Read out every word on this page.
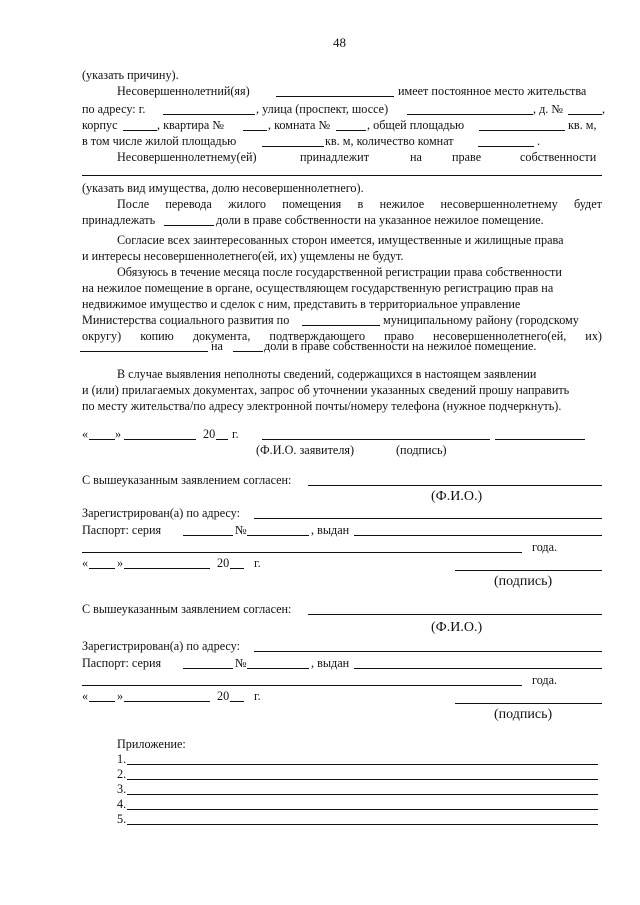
48
(указать причину).
Несовершеннолетний(яя)	имеет постоянное место жительства
по адресу: г.	, улица (проспект, шоссе)	, д. №	,
корпус	, квартира №	, комната №	, общей площадью	кв. м,
в том числе жилой площадью	кв. м, количество комнат	.
Несовершеннолетнему(ей)	принадлежит	на праве	собственности
(указать вид имущества, долю несовершеннолетнего).
После перевода жилого помещения в нежилое несовершеннолетнему будет
принадлежать	доли в праве собственности на указанное нежилое помещение.
Согласие всех заинтересованных сторон имеется, имущественные и жилищные права
и интересы несовершеннолетнего(ей, их) ущемлены не будут.
Обязуюсь в течение месяца после государственной регистрации права собственности
на нежилое помещение в органе, осуществляющем государственную регистрацию прав на
недвижимое имущество и сделок с ним, представить в территориальное управление
Министерства социального развития по	муниципальному району (городскому
округу) копию документа, подтверждающего право несовершеннолетнего(ей, их)
на	доли в праве собственности на нежилое помещение.
В случае выявления неполноты сведений, содержащихся в настоящем заявлении
и (или) прилагаемых документах, запрос об уточнении указанных сведений прошу направить
по месту жительства/по адресу электронной почты/номеру телефона (нужное подчеркнуть).
« »	20 г.
(Ф.И.О. заявителя)	(подпись)
С вышеуказанным заявлением согласен:
(Ф.И.О.)
Зарегистрирован(а) по адресу:
Паспорт: серия	№	, выдан
года.
« »	20 г.
(подпись)
С вышеуказанным заявлением согласен:
(Ф.И.О.)
Зарегистрирован(а) по адресу:
Паспорт: серия	№	, выдан
года.
« »	20 г.
(подпись)
Приложение:
1.
2.
3.
4.
5.
